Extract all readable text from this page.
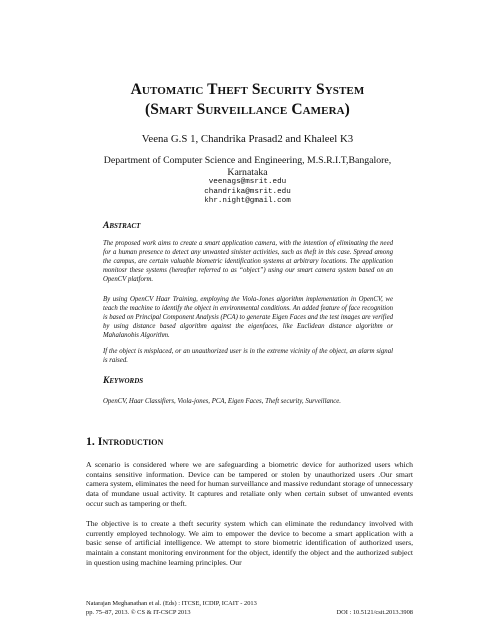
Automatic Theft Security System
(Smart Surveillance Camera)
Veena G.S 1, Chandrika Prasad2 and Khaleel K3
Department of Computer Science and Engineering, M.S.R.I.T,Bangalore, Karnataka
veenags@msrit.edu
chandrika@msrit.edu
khr.night@gmail.com
Abstract
The proposed work aims to create a smart application camera, with the intention of eliminating the need for a human presence to detect any unwanted sinister activities, such as theft in this case. Spread among the campus, are certain valuable biometric identification systems at arbitrary locations. The application monitosr these systems (hereafter referred to as “object”) using our smart camera system based on an OpenCV platform.
By using OpenCV Haar Training, employing the Viola-Jones algorithm implementation in OpenCV, we teach the machine to identify the object in environmental conditions. An added feature of face recognition is based on Principal Component Analysis (PCA) to generate Eigen Faces and the test images are verified by using distance based algorithm against the eigenfaces, like Euclidean distance algorithm or Mahalanobis Algorithm.
If the object is misplaced, or an unauthorized user is in the extreme vicinity of the object, an alarm signal is raised.
Keywords
OpenCV, Haar Classifiers, Viola-jones, PCA, Eigen Faces, Theft security, Surveillance.
1. Introduction
A scenario is considered where we are safeguarding a biometric device for authorized users which contains sensitive information. Device can be tampered or stolen by unauthorized users .Our smart camera system, eliminates the need for human surveillance and massive redundant storage of unnecessary data of mundane usual activity. It captures and retaliate only when certain subset of unwanted events occur such as tampering or theft.
The objective is to create a theft security system which can eliminate the redundancy involved with currently employed technology. We aim to empower the device to become a smart application with a basic sense of artificial intelligence. We attempt to store biometric identification of authorized users, maintain a constant monitoring environment for the object, identify the object and the authorized subject in question using machine learning principles. Our
Natarajan Meghanathan et al. (Eds) : ITCSE, ICDIP, ICAIT - 2013
pp. 75–87, 2013. © CS & IT-CSCP 2013	DOI : 10.5121/csit.2013.3908
